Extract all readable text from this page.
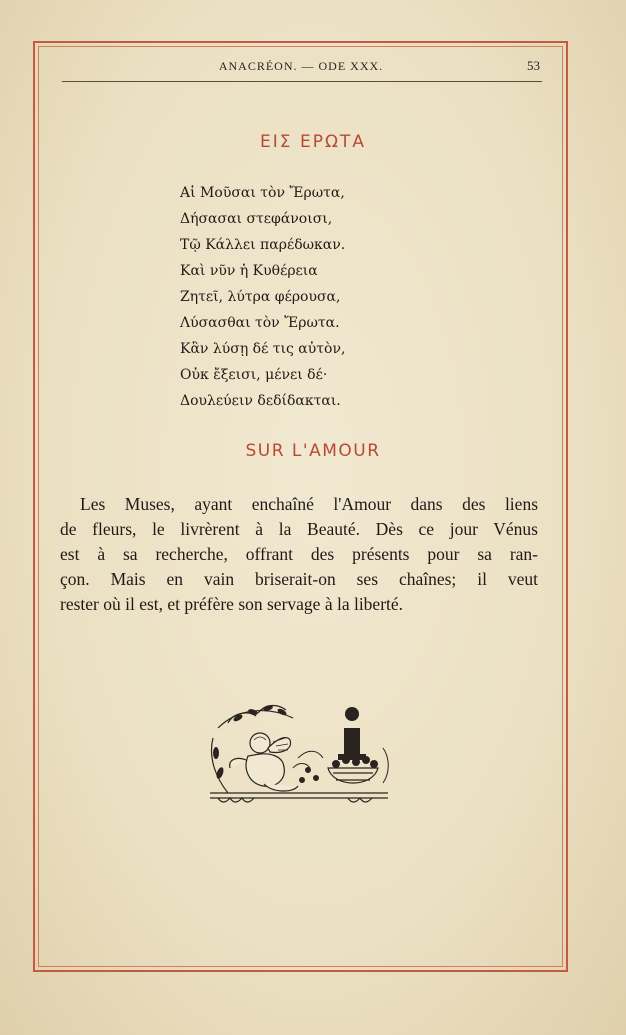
ANACRÉON. — ODE XXX.	53
ΕΙΣ ΕΡΩΤΑ
Αἱ Μοῦσαι τὸν Ἔρωτα,
Δήσασαι στεφάνοισι,
Τῷ Κάλλει παρέδωκαν.
Καὶ νῦν ἡ Κυθέρεια
Ζητεῖ, λύτρα φέρουσα,
Λύσασθαι τὸν Ἔρωτα.
Κἂν λύσῃ δέ τις αὐτὸν,
Οὐκ ἔξεισι, μένει δέ·
Δουλεύειν δεδίδακται.
SUR L'AMOUR
Les Muses, ayant enchaîné l'Amour dans des liens
de fleurs, le livrèrent à la Beauté. Dès ce jour Vénus
est à sa recherche, offrant des présents pour sa ran-
çon. Mais en vain briserait-on ses chaînes; il veut
rester où il est, et préfère son servage à la liberté.
